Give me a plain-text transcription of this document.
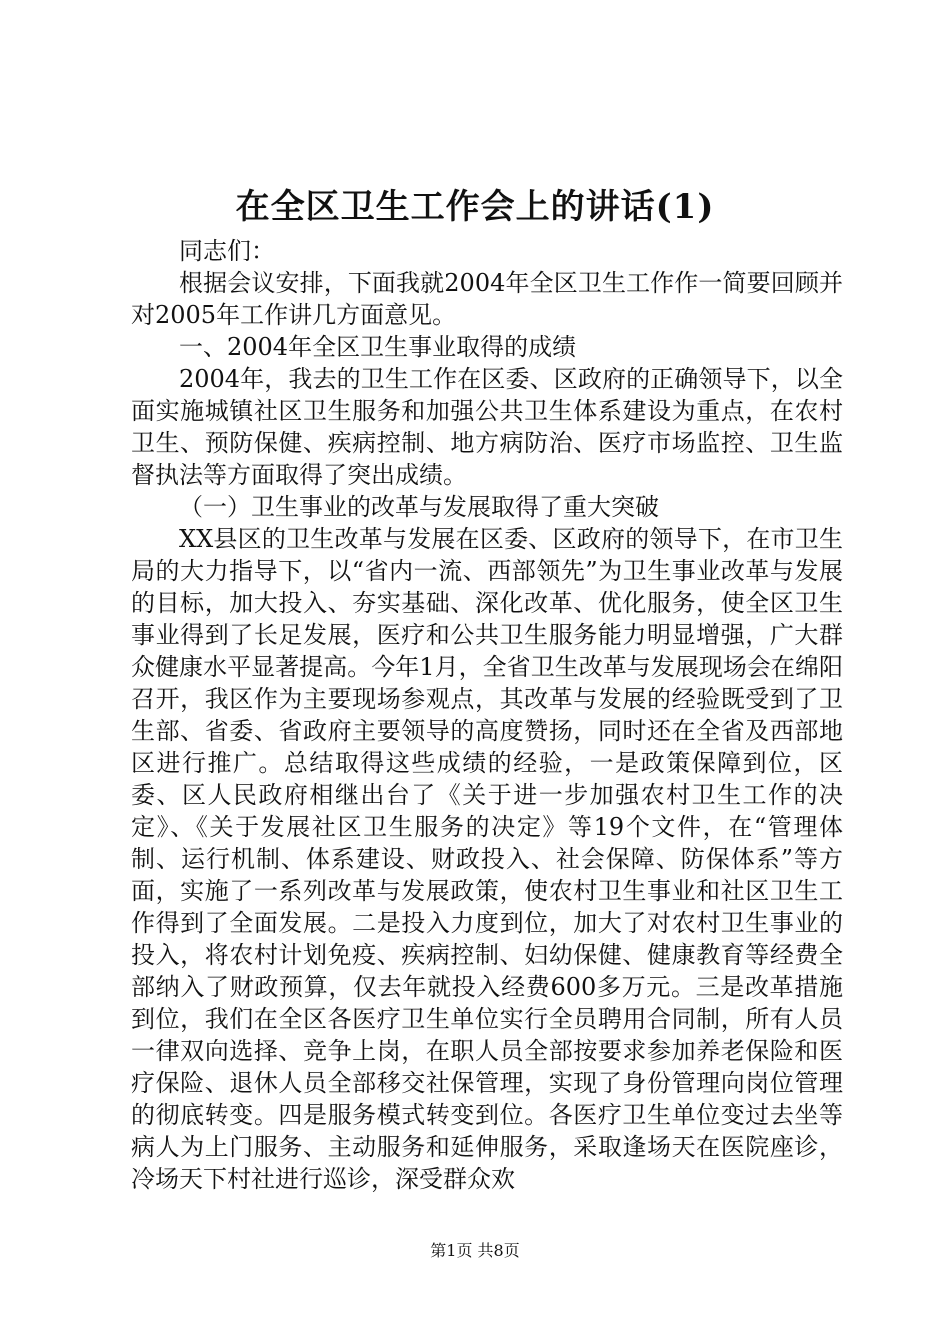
在全区卫生工作会上的讲话(1)

同志们：

根据会议安排，下面我就2004年全区卫生工作作一简要回顾并对2005年工作讲几方面意见。

一、2004年全区卫生事业取得的成绩

2004年，我去的卫生工作在区委、区政府的正确领导下，以全面实施城镇社区卫生服务和加强公共卫生体系建设为重点，在农村卫生、预防保健、疾病控制、地方病防治、医疗市场监控、卫生监督执法等方面取得了突出成绩。

（一）卫生事业的改革与发展取得了重大突破

XX县区的卫生改革与发展在区委、区政府的领导下，在市卫生局的大力指导下，以“省内一流、西部领先”为卫生事业改革与发展的目标，加大投入、夯实基础、深化改革、优化服务，使全区卫生事业得到了长足发展，医疗和公共卫生服务能力明显增强，广大群众健康水平显著提高。今年1月，全省卫生改革与发展现场会在绵阳召开，我区作为主要现场参观点，其改革与发展的经验既受到了卫生部、省委、省政府主要领导的高度赞扬，同时还在全省及西部地区进行推广。总结取得这些成绩的经验，一是政策保障到位，区委、区人民政府相继出台了《关于进一步加强农村卫生工作的决定》、《关于发展社区卫生服务的决定》等19个文件，在“管理体制、运行机制、体系建设、财政投入、社会保障、防保体系”等方面，实施了一系列改革与发展政策，使农村卫生事业和社区卫生工作得到了全面发展。二是投入力度到位，加大了对农村卫生事业的投入，将农村计划免疫、疾病控制、妇幼保健、健康教育等经费全部纳入了财政预算，仅去年就投入经费600多万元。三是改革措施到位，我们在全区各医疗卫生单位实行全员聘用合同制，所有人员一律双向选择、竞争上岗，在职人员全部按要求参加养老保险和医疗保险、退休人员全部移交社保管理，实现了身份管理向岗位管理的彻底转变。四是服务模式转变到位。各医疗卫生单位变过去坐等病人为上门服务、主动服务和延伸服务，采取逢场天在医院座诊，冷场天下村社进行巡诊，深受群众欢

第1页 共8页
